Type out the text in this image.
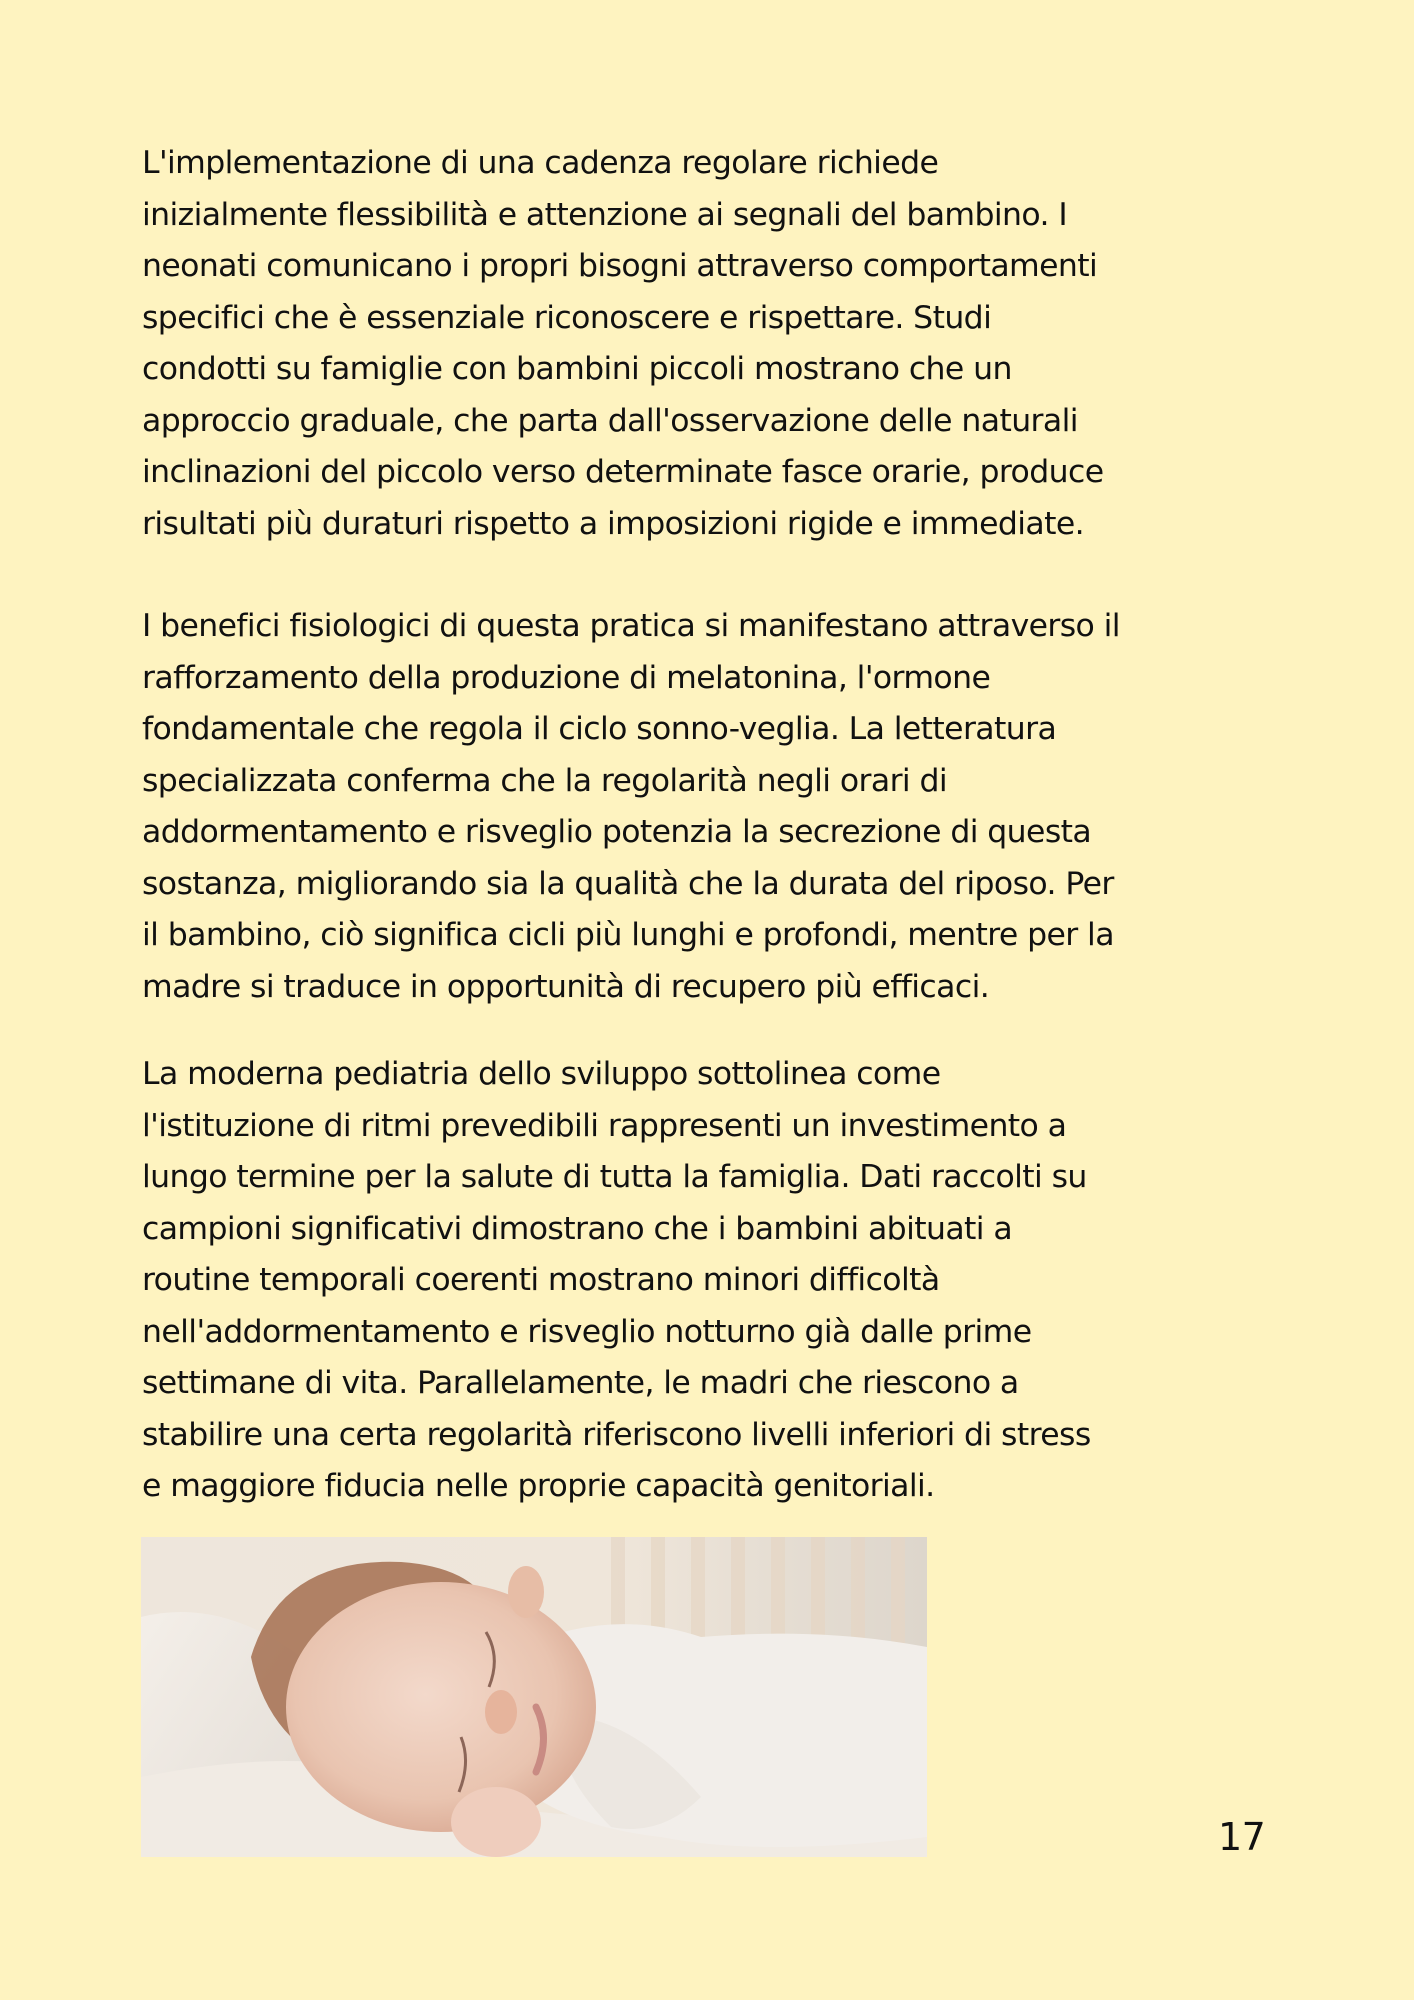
L'implementazione di una cadenza regolare richiede
inizialmente flessibilità e attenzione ai segnali del bambino. I
neonati comunicano i propri bisogni attraverso comportamenti
specifici che è essenziale riconoscere e rispettare. Studi
condotti su famiglie con bambini piccoli mostrano che un
approccio graduale, che parta dall'osservazione delle naturali
inclinazioni del piccolo verso determinate fasce orarie, produce
risultati più duraturi rispetto a imposizioni rigide e immediate.

I benefici fisiologici di questa pratica si manifestano attraverso il
rafforzamento della produzione di melatonina, l'ormone
fondamentale che regola il ciclo sonno-veglia. La letteratura
specializzata conferma che la regolarità negli orari di
addormentamento e risveglio potenzia la secrezione di questa
sostanza, migliorando sia la qualità che la durata del riposo. Per
il bambino, ciò significa cicli più lunghi e profondi, mentre per la
madre si traduce in opportunità di recupero più efficaci.

La moderna pediatria dello sviluppo sottolinea come
l'istituzione di ritmi prevedibili rappresenti un investimento a
lungo termine per la salute di tutta la famiglia. Dati raccolti su
campioni significativi dimostrano che i bambini abituati a
routine temporali coerenti mostrano minori difficoltà
nell'addormentamento e risveglio notturno già dalle prime
settimane di vita. Parallelamente, le madri che riescono a
stabilire una certa regolarità riferiscono livelli inferiori di stress
e maggiore fiducia nelle proprie capacità genitoriali.

17
